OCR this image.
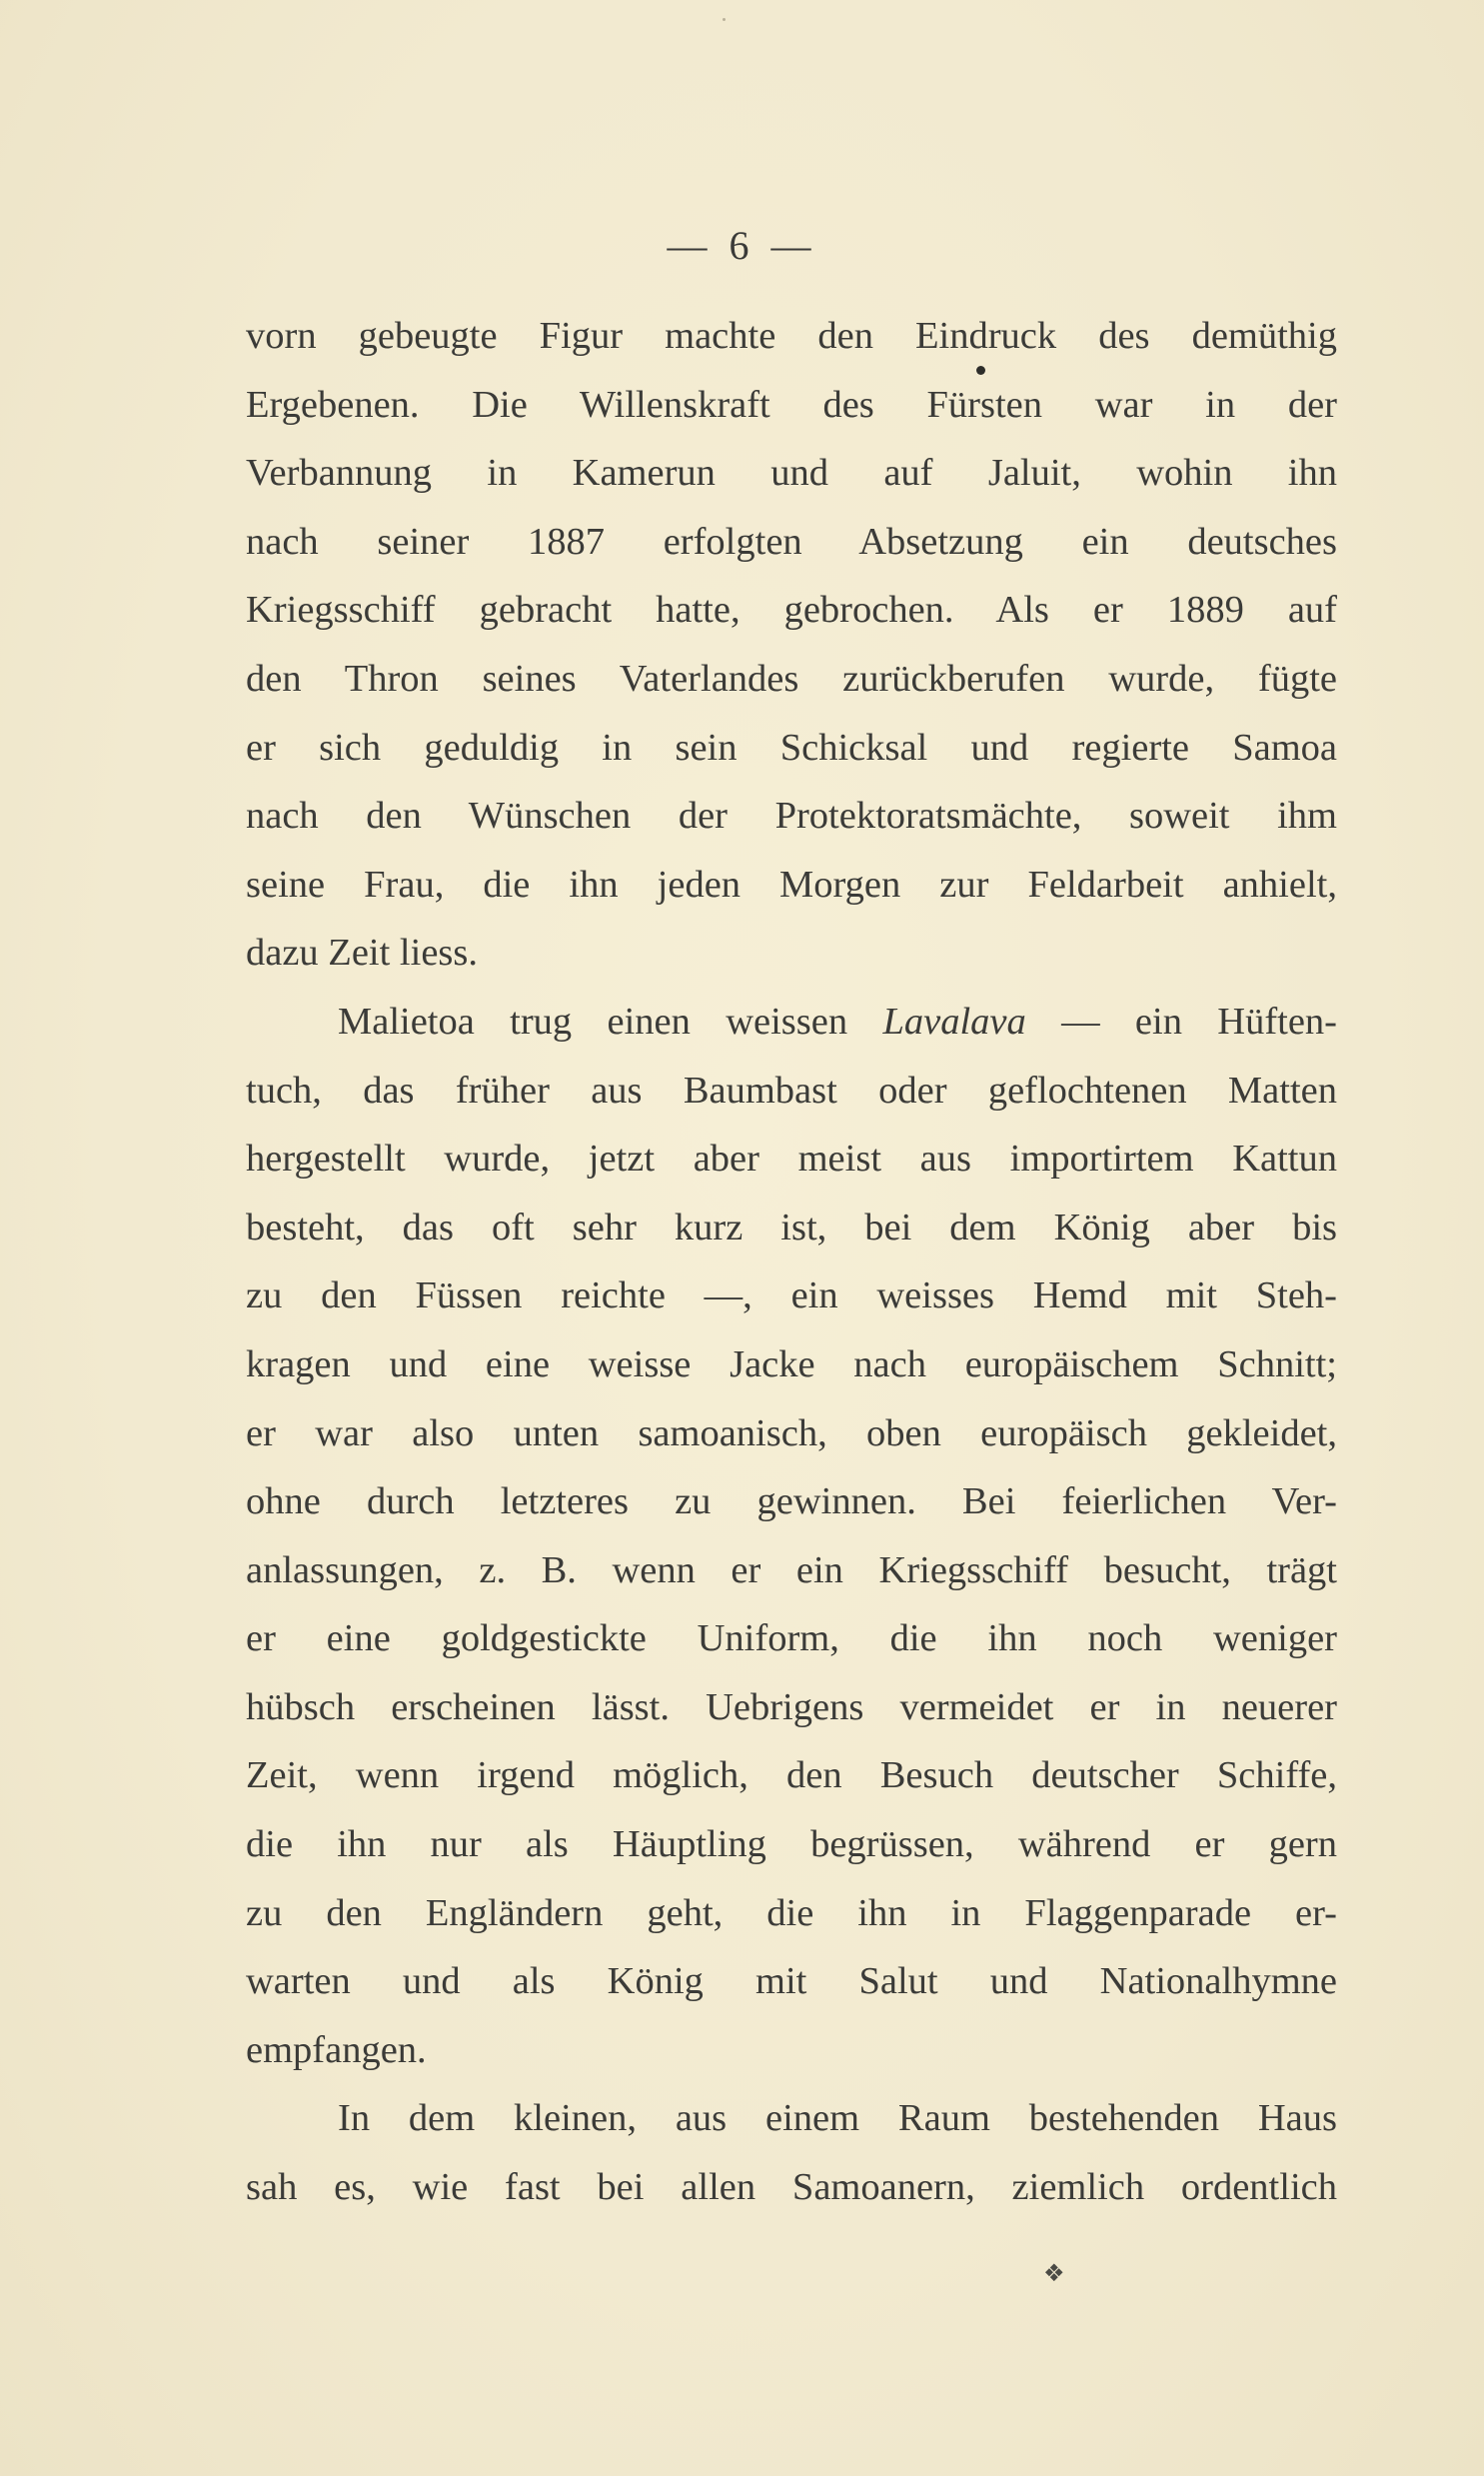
— 6 —
vorn gebeugte Figur machte den Eindruck des demüthig
Ergebenen. Die Willenskraft des Fürsten war in der
Verbannung in Kamerun und auf Jaluit, wohin ihn
nach seiner 1887 erfolgten Absetzung ein deutsches
Kriegsschiff gebracht hatte, gebrochen. Als er 1889 auf
den Thron seines Vaterlandes zurückberufen wurde, fügte
er sich geduldig in sein Schicksal und regierte Samoa
nach den Wünschen der Protektoratsmächte, soweit ihm
seine Frau, die ihn jeden Morgen zur Feldarbeit anhielt,
dazu Zeit liess.
Malietoa trug einen weissen Lavalava — ein Hüften-
tuch, das früher aus Baumbast oder geflochtenen Matten
hergestellt wurde, jetzt aber meist aus importirtem Kattun
besteht, das oft sehr kurz ist, bei dem König aber bis
zu den Füssen reichte —, ein weisses Hemd mit Steh-
kragen und eine weisse Jacke nach europäischem Schnitt;
er war also unten samoanisch, oben europäisch gekleidet,
ohne durch letzteres zu gewinnen. Bei feierlichen Ver-
anlassungen, z. B. wenn er ein Kriegsschiff besucht, trägt
er eine goldgestickte Uniform, die ihn noch weniger
hübsch erscheinen lässt. Uebrigens vermeidet er in neuerer
Zeit, wenn irgend möglich, den Besuch deutscher Schiffe,
die ihn nur als Häuptling begrüssen, während er gern
zu den Engländern geht, die ihn in Flaggenparade er-
warten und als König mit Salut und Nationalhymne
empfangen.
In dem kleinen, aus einem Raum bestehenden Haus
sah es, wie fast bei allen Samoanern, ziemlich ordentlich
❖
